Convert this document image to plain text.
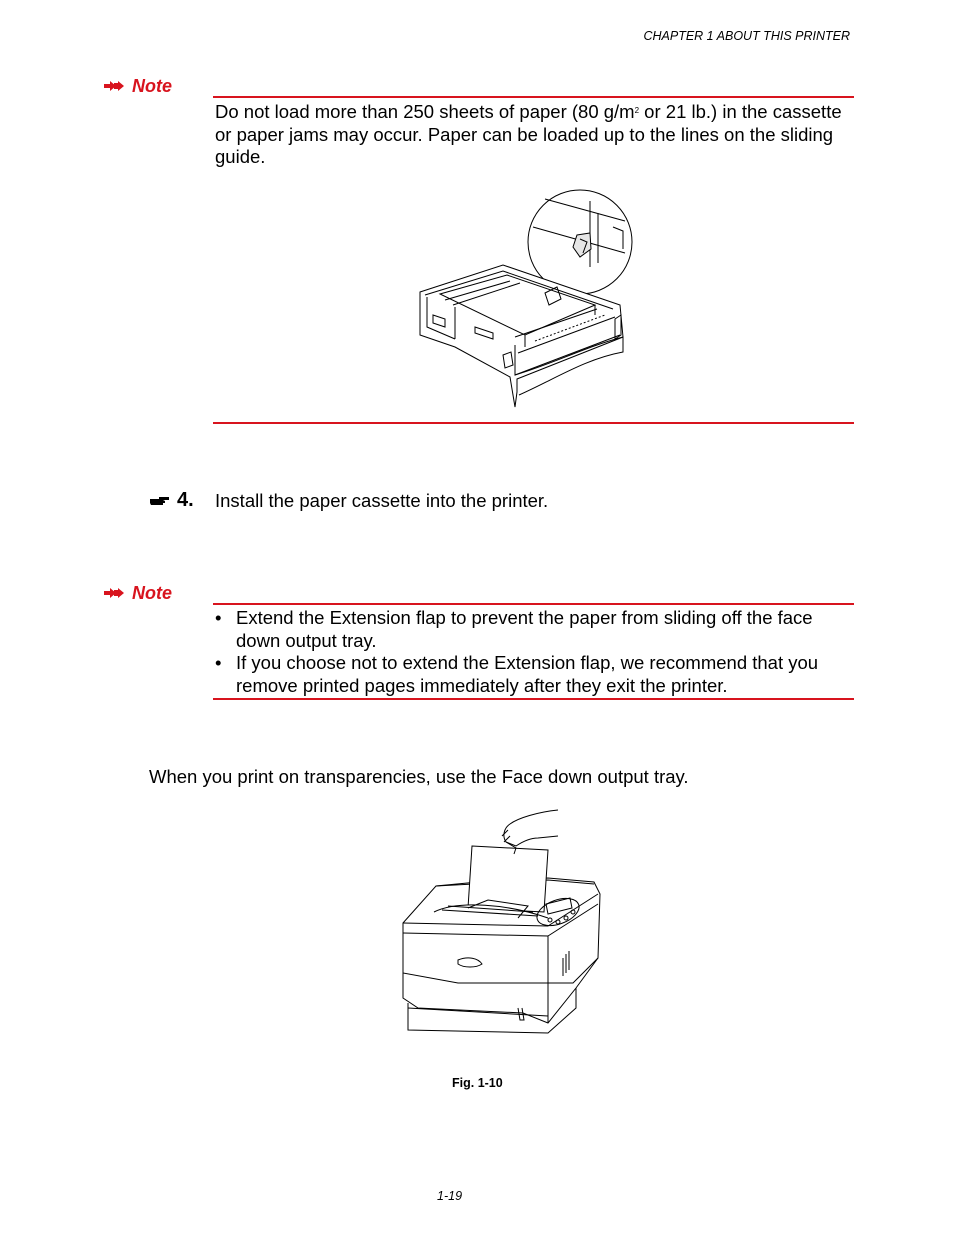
CHAPTER 1 ABOUT THIS PRINTER
Note
Do not load more than 250 sheets of paper (80 $g/m^2$ or 21 lb.) in the cassette or paper jams may occur. Paper can be loaded up to the lines on the sliding guide.
4. Install the paper cassette into the printer.
Note
• Extend the Extension flap to prevent the paper from sliding off the face down output tray.
• If you choose not to extend the Extension flap, we recommend that you remove printed pages immediately after they exit the printer.
When you print on transparencies, use the Face down output tray.
Fig. 1-10
1-19
